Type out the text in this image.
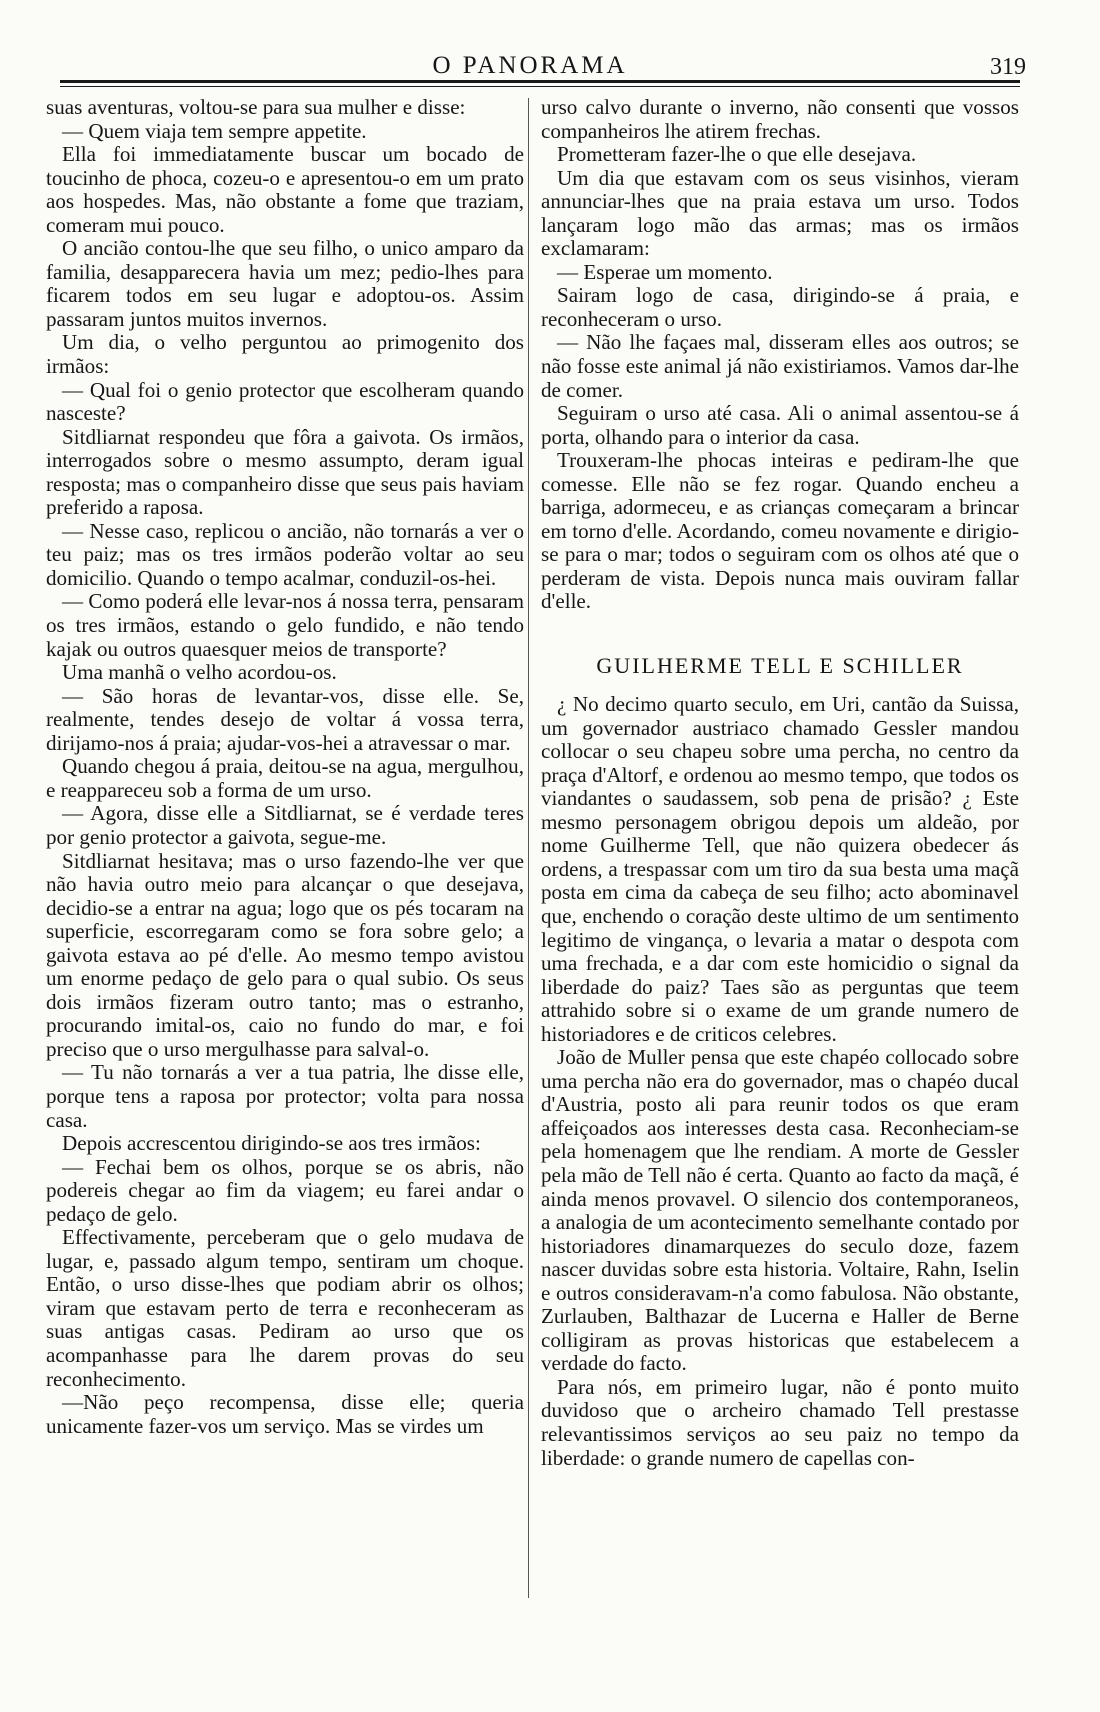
O PANORAMA	319

suas aventuras, voltou-se para sua mulher e disse:

— Quem viaja tem sempre appetite.

Ella foi immediatamente buscar um bocado de toucinho de phoca, cozeu-o e apresentou-o em um prato aos hospedes. Mas, não obstante a fome que traziam, comeram mui pouco.

O ancião contou-lhe que seu filho, o unico amparo da familia, desapparecera havia um mez; pedio-lhes para ficarem todos em seu lugar e adoptou-os. Assim passaram juntos muitos invernos.

Um dia, o velho perguntou ao primogenito dos irmãos:

— Qual foi o genio protector que escolheram quando nasceste?

Sitdliarnat respondeu que fôra a gaivota. Os irmãos, interrogados sobre o mesmo assumpto, deram igual resposta; mas o companheiro disse que seus pais haviam preferido a raposa.

— Nesse caso, replicou o ancião, não tornarás a ver o teu paiz; mas os tres irmãos poderão voltar ao seu domicilio. Quando o tempo acalmar, conduzil-os-hei.

— Como poderá elle levar-nos á nossa terra, pensaram os tres irmãos, estando o gelo fundido, e não tendo kajak ou outros quaesquer meios de transporte?

Uma manhã o velho acordou-os.

— São horas de levantar-vos, disse elle. Se, realmente, tendes desejo de voltar á vossa terra, dirijamo-nos á praia; ajudar-vos-hei a atravessar o mar.

Quando chegou á praia, deitou-se na agua, mergulhou, e reappareceu sob a forma de um urso.

— Agora, disse elle a Sitdliarnat, se é verdade teres por genio protector a gaivota, segue-me.

Sitdliarnat hesitava; mas o urso fazendo-lhe ver que não havia outro meio para alcançar o que desejava, decidio-se a entrar na agua; logo que os pés tocaram na superficie, escorregaram como se fora sobre gelo; a gaivota estava ao pé d'elle. Ao mesmo tempo avistou um enorme pedaço de gelo para o qual subio. Os seus dois irmãos fizeram outro tanto; mas o estranho, procurando imital-os, caio no fundo do mar, e foi preciso que o urso mergulhasse para salval-o.

— Tu não tornarás a ver a tua patria, lhe disse elle, porque tens a raposa por protector; volta para nossa casa.

Depois accrescentou dirigindo-se aos tres irmãos:

— Fechai bem os olhos, porque se os abris, não podereis chegar ao fim da viagem; eu farei andar o pedaço de gelo.

Effectivamente, perceberam que o gelo mudava de lugar, e, passado algum tempo, sentiram um choque. Então, o urso disse-lhes que podiam abrir os olhos; viram que estavam perto de terra e reconheceram as suas antigas casas. Pediram ao urso que os acompanhasse para lhe darem provas do seu reconhecimento.

—Não peço recompensa, disse elle; queria unicamente fazer-vos um serviço. Mas se virdes um

urso calvo durante o inverno, não consenti que vossos companheiros lhe atirem frechas.

Prometteram fazer-lhe o que elle desejava.

Um dia que estavam com os seus visinhos, vieram annunciar-lhes que na praia estava um urso. Todos lançaram logo mão das armas; mas os irmãos exclamaram:

— Esperae um momento.

Sairam logo de casa, dirigindo-se á praia, e reconheceram o urso.

— Não lhe façaes mal, disseram elles aos outros; se não fosse este animal já não existiriamos. Vamos dar-lhe de comer.

Seguiram o urso até casa. Ali o animal assentou-se á porta, olhando para o interior da casa.

Trouxeram-lhe phocas inteiras e pediram-lhe que comesse. Elle não se fez rogar. Quando encheu a barriga, adormeceu, e as crianças começaram a brincar em torno d'elle. Acordando, comeu novamente e dirigio-se para o mar; todos o seguiram com os olhos até que o perderam de vista. Depois nunca mais ouviram fallar d'elle.

GUILHERME TELL E SCHILLER

¿ No decimo quarto seculo, em Uri, cantão da Suissa, um governador austriaco chamado Gessler mandou collocar o seu chapeu sobre uma percha, no centro da praça d'Altorf, e ordenou ao mesmo tempo, que todos os viandantes o saudassem, sob pena de prisão? ¿ Este mesmo personagem obrigou depois um aldeão, por nome Guilherme Tell, que não quizera obedecer ás ordens, a trespassar com um tiro da sua besta uma maçã posta em cima da cabeça de seu filho; acto abominavel que, enchendo o coração deste ultimo de um sentimento legitimo de vingança, o levaria a matar o despota com uma frechada, e a dar com este homicidio o signal da liberdade do paiz? Taes são as perguntas que teem attrahido sobre si o exame de um grande numero de historiadores e de criticos celebres.

João de Muller pensa que este chapéo collocado sobre uma percha não era do governador, mas o chapéo ducal d'Austria, posto ali para reunir todos os que eram affeiçoados aos interesses desta casa. Reconheciam-se pela homenagem que lhe rendiam. A morte de Gessler pela mão de Tell não é certa. Quanto ao facto da maçã, é ainda menos provavel. O silencio dos contemporaneos, a analogia de um acontecimento semelhante contado por historiadores dinamarquezes do seculo doze, fazem nascer duvidas sobre esta historia. Voltaire, Rahn, Iselin e outros consideravam-n'a como fabulosa. Não obstante, Zurlauben, Balthazar de Lucerna e Haller de Berne colligiram as provas historicas que estabelecem a verdade do facto.

Para nós, em primeiro lugar, não é ponto muito duvidoso que o archeiro chamado Tell prestasse relevantissimos serviços ao seu paiz no tempo da liberdade: o grande numero de capellas con-
